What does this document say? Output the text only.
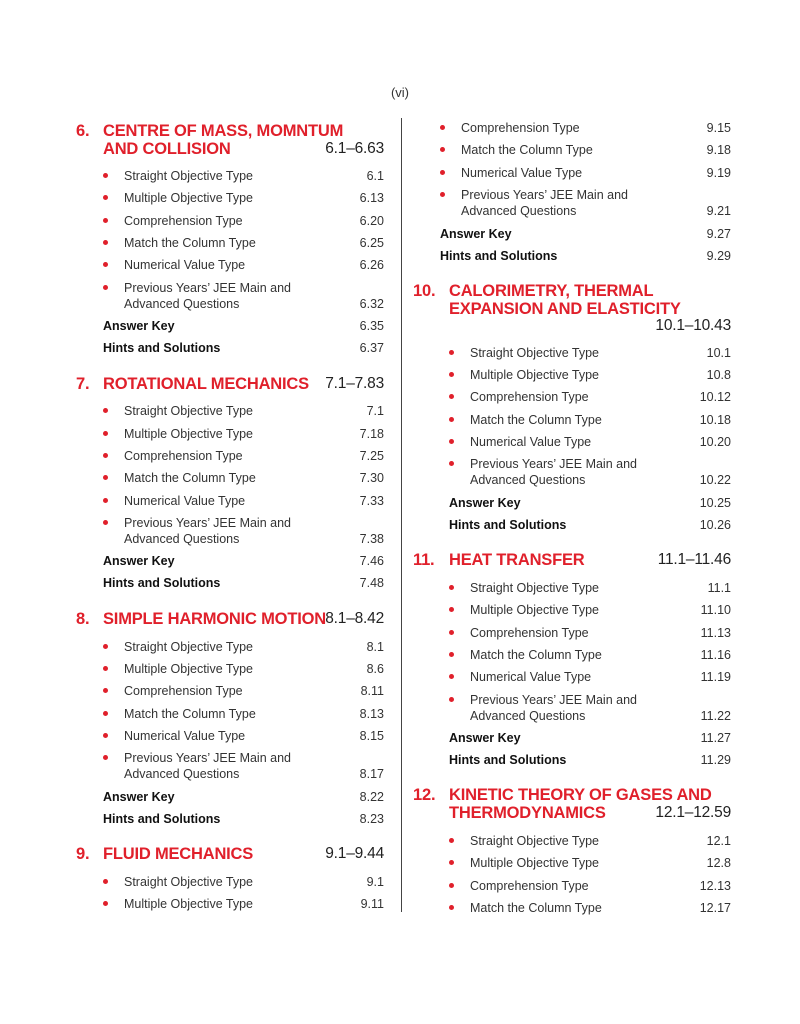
(vi)
6. CENTRE OF MASS, MOMNTUM
AND COLLISION	6.1–6.63
Straight Objective Type	6.1
Multiple Objective Type	6.13
Comprehension Type	6.20
Match the Column Type	6.25
Numerical Value Type	6.26
Previous Years’ JEE Main and
Advanced Questions	6.32
Answer Key	6.35
Hints and Solutions	6.37
7. ROTATIONAL MECHANICS 7.1–7.83
Straight Objective Type	7.1
Multiple Objective Type	7.18
Comprehension Type	7.25
Match the Column Type	7.30
Numerical Value Type	7.33
Previous Years’ JEE Main and
Advanced Questions	7.38
Answer Key	7.46
Hints and Solutions	7.48
8. SIMPLE HARMONIC MOTION 8.1–8.42
Straight Objective Type	8.1
Multiple Objective Type	8.6
Comprehension Type	8.11
Match the Column Type	8.13
Numerical Value Type	8.15
Previous Years’ JEE Main and
Advanced Questions	8.17
Answer Key	8.22
Hints and Solutions	8.23
9. FLUID MECHANICS	9.1–9.44
Straight Objective Type	9.1
Multiple Objective Type	9.11
Comprehension Type	9.15
Match the Column Type	9.18
Numerical Value Type	9.19
Previous Years’ JEE Main and
Advanced Questions	9.21
Answer Key	9.27
Hints and Solutions	9.29
10. CALORIMETRY, THERMAL
EXPANSION AND ELASTICITY
10.1–10.43
Straight Objective Type	10.1
Multiple Objective Type	10.8
Comprehension Type	10.12
Match the Column Type	10.18
Numerical Value Type	10.20
Previous Years’ JEE Main and
Advanced Questions	10.22
Answer Key	10.25
Hints and Solutions	10.26
11. HEAT TRANSFER	11.1–11.46
Straight Objective Type	11.1
Multiple Objective Type	11.10
Comprehension Type	11.13
Match the Column Type	11.16
Numerical Value Type	11.19
Previous Years’ JEE Main and
Advanced Questions	11.22
Answer Key	11.27
Hints and Solutions	11.29
12. KINETIC THEORY OF GASES AND
THERMODYNAMICS	12.1–12.59
Straight Objective Type	12.1
Multiple Objective Type	12.8
Comprehension Type	12.13
Match the Column Type	12.17
